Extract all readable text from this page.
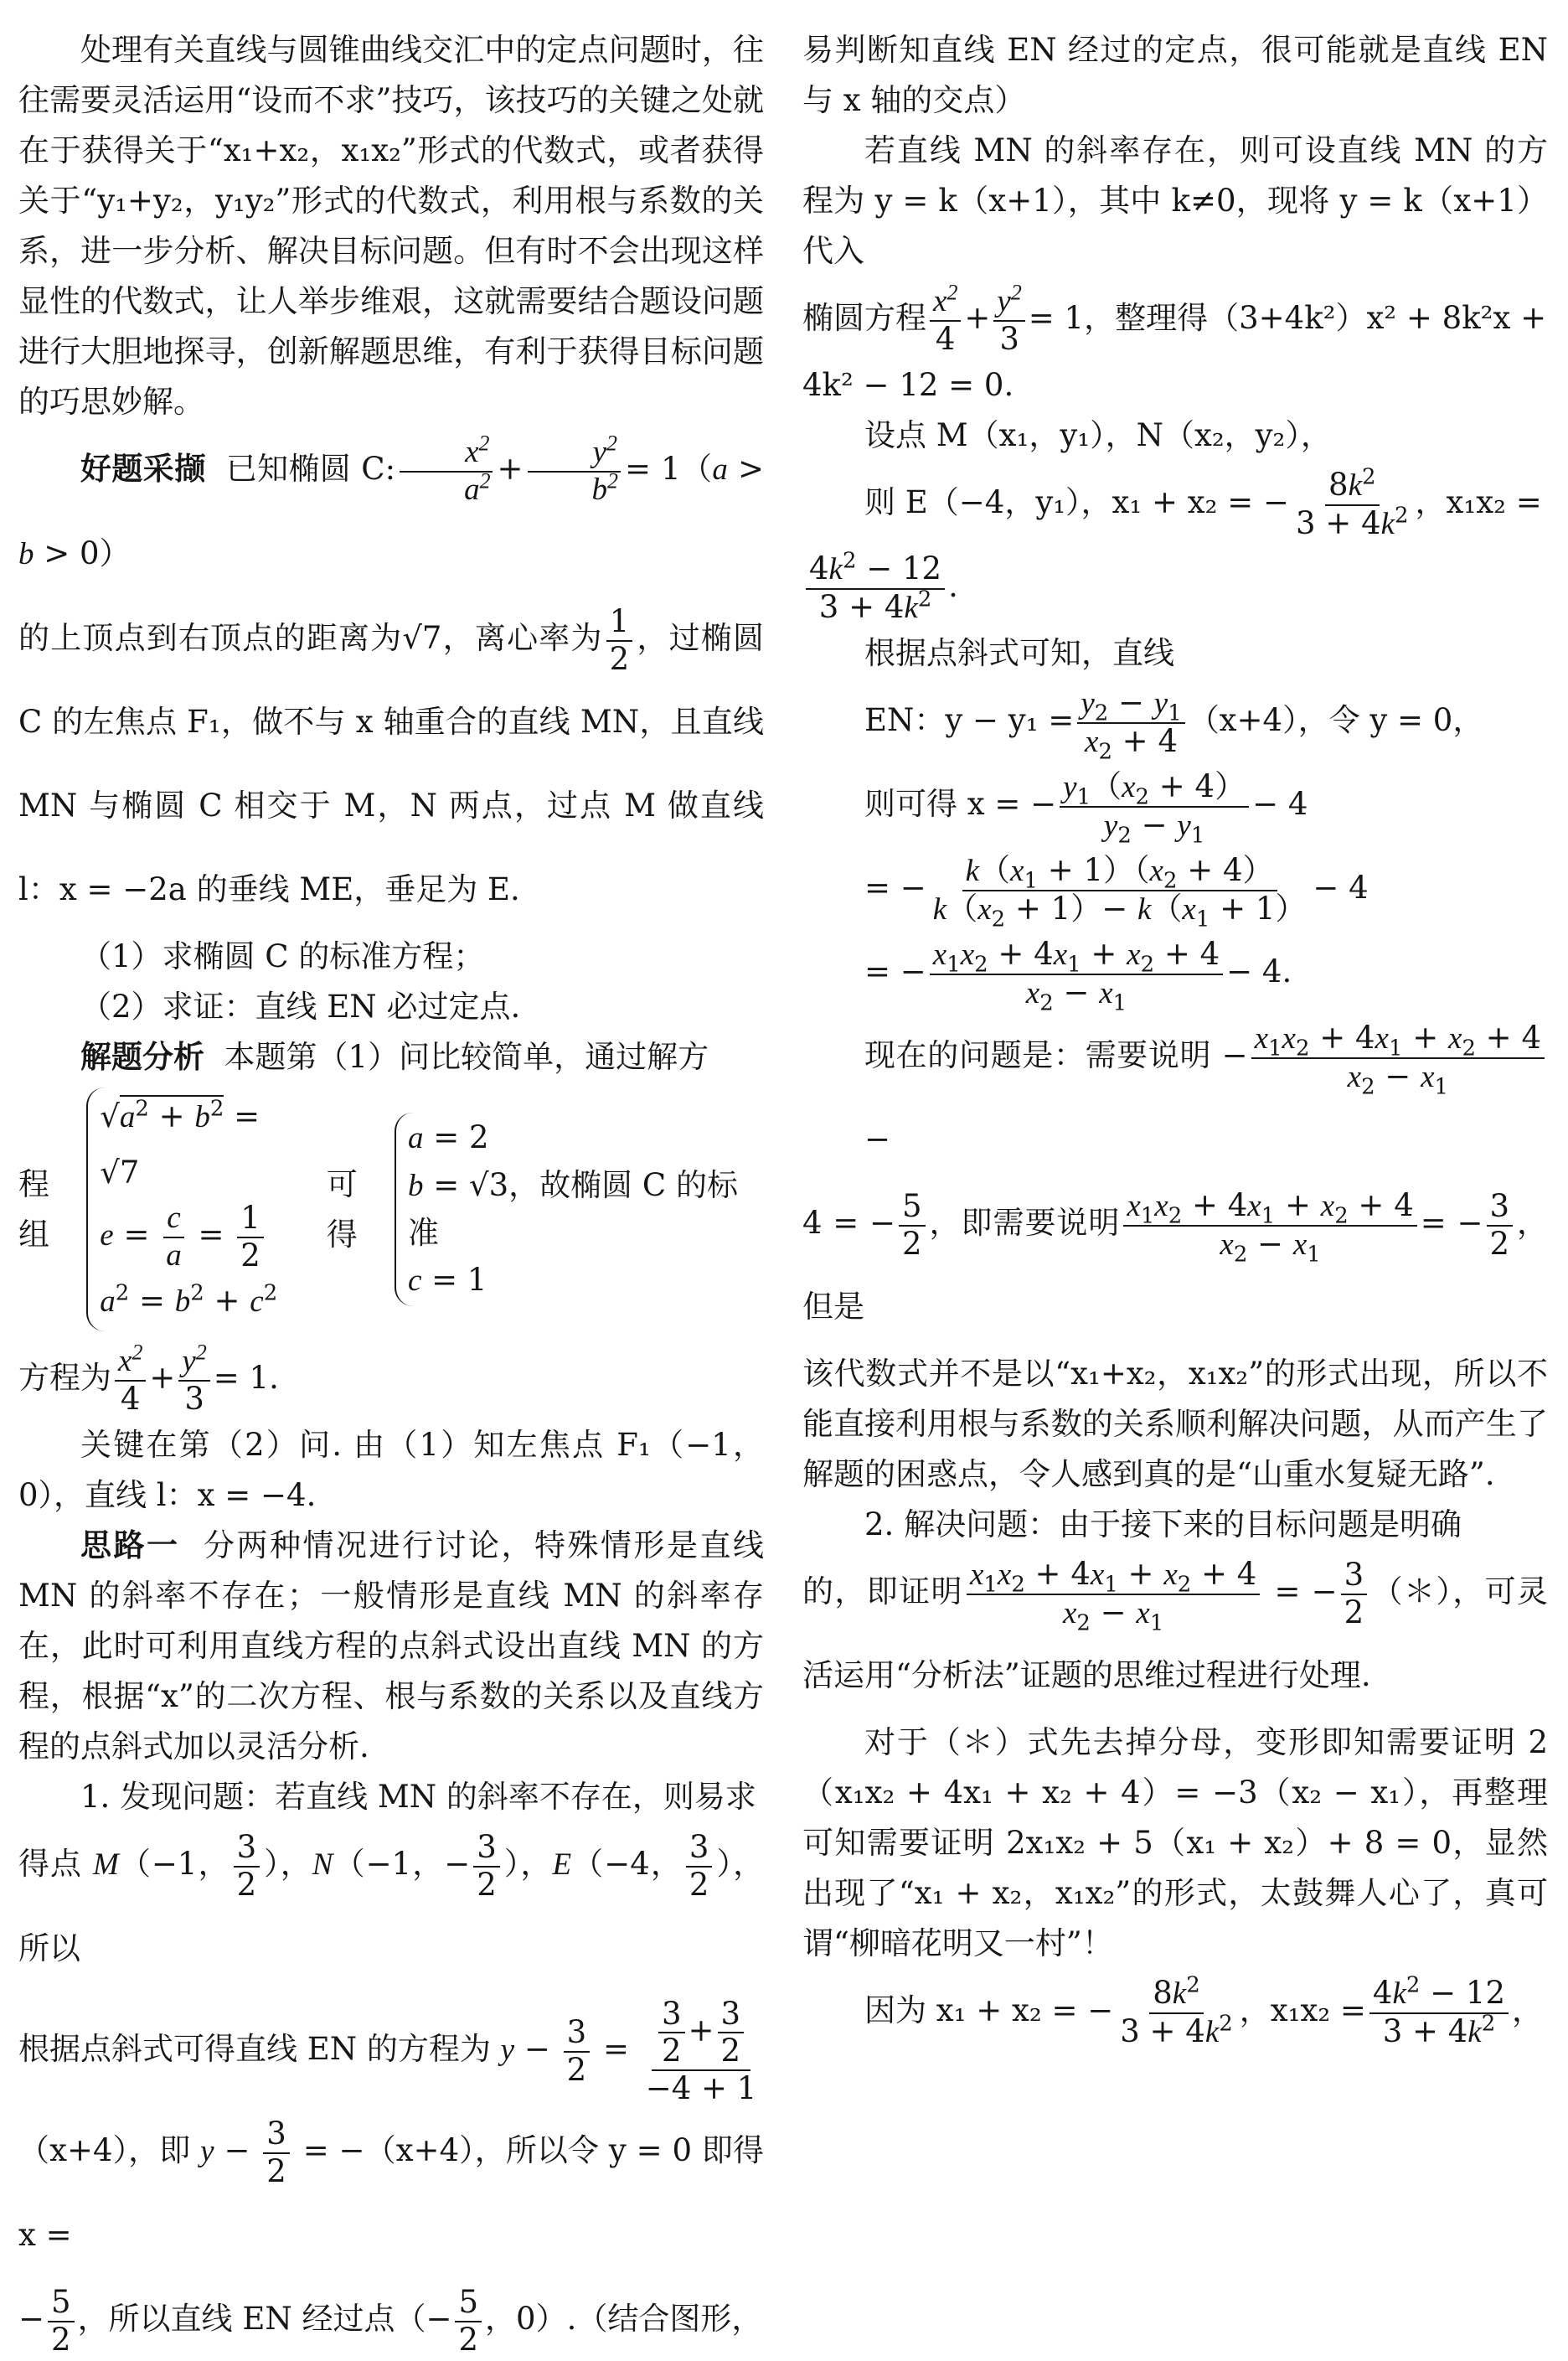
处理有关直线与圆锥曲线交汇中的定点问题时，往往需要灵活运用“设而不求”技巧，该技巧的关键之处就在于获得关于“x₁+x₂，x₁x₂”形式的代数式，或者获得关于“y₁+y₂，y₁y₂”形式的代数式，利用根与系数的关系，进一步分析、解决目标问题。但有时不会出现这样显性的代数式，让人举步维艰，这就需要结合题设问题进行大胆地探寻，创新解题思维，有利于获得目标问题的巧思妙解。

好题采撷 已知椭圆 C: $\frac{x^2}{a^2} + \frac{y^2}{b^2} = 1(a > b > 0)$

的上顶点到右顶点的距离为√7，离心率为 $\frac{1}{2}$ ，过椭圆 C 的左焦点 F₁，做不与 x 轴重合的直线 MN，且直线 MN 与椭圆 C 相交于 M，N 两点，过点 M 做直线 l：x = −2a 的垂线 ME，垂足为 E.

（1）求椭圆 C 的标准方程；

（2）求证：直线 EN 必过定点.

解题分析 本题第（1）问比较简单，通过解方

程组
$√a^2 + b^2 = √7$
$e = \frac{c}{a} = \frac{1}{2}$
$a^2 = b^2 + c^2$
可得
a = 2
b = √3，故椭圆 C 的标准
c = 1

方程为 $\frac{x^2}{4} + \frac{y^2}{3} = 1$.

关键在第（2）问. 由（1）知左焦点 F₁（−1，0），直线 l：x = −4.

思路一 分两种情况进行讨论，特殊情形是直线 MN 的斜率不存在；一般情形是直线 MN 的斜率存在，此时可利用直线方程的点斜式设出直线 MN 的方程，根据“x”的二次方程、根与系数的关系以及直线方程的点斜式加以灵活分析.

1. 发现问题：若直线 MN 的斜率不存在，则易求

得点 M（−1， $\frac{3}{2}$ ），N（−1，− $\frac{3}{2}$ ），E（−4， $\frac{3}{2}$ ），所以

根据点斜式可得直线 EN 的方程为 $y - \frac{3}{2} = \frac{\frac{3}{2} + \frac{3}{2}}{-4 + 1}$

（x+4），即 $y - \frac{3}{2} = -(x+4)$，所以令 y = 0 即得 x =

− $\frac{5}{2}$ ，所以直线 EN 经过点（− $\frac{5}{2}$ ，0）.（结合图形，

易判断知直线 EN 经过的定点，很可能就是直线 EN 与 x 轴的交点）

若直线 MN 的斜率存在，则可设直线 MN 的方程为 y = k（x+1），其中 k≠0，现将 y = k（x+1）代入

椭圆方程 $\frac{x^2}{4} + \frac{y^2}{3} = 1$，整理得（3+4k²）x² + 8k²x +

4k² − 12 = 0.

设点 M（x₁，y₁），N（x₂，y₂），

则 E（−4，y₁），x₁ + x₂ = − $\frac{8k^2}{3 + 4k^2}$ ，x₁x₂ =

$\frac{4k^2 - 12}{3 + 4k^2}$ .

根据点斜式可知，直线

EN：$y - y_1 = \frac{y_2 - y_1}{x_2 + 4} (x+4)$，令 y = 0，

则可得 x = − $\frac{y_1(x_2 + 4)}{y_2 - y_1} - 4$

= − $\frac{k(x_1 + 1)(x_2 + 4)}{k(x_2 + 1)- k(x_1 + 1)} - 4$

= − $\frac{x_1x_2 + 4x_1 + x_2 + 4}{x_2 - x_1} - 4$.

现在的问题是：需要说明 − $\frac{x_1x_2 + 4x_1 + x_2 + 4}{x_2 - x_1}$
−

4 = − $\frac{5}{2}$ ，即需要说明 $\frac{x_1x_2 + 4x_1 + x_2 + 4}{x_2 - x_1}$ = − $\frac{3}{2}$ ，但是

该代数式并不是以“x₁+x₂，x₁x₂”的形式出现，所以不能直接利用根与系数的关系顺利解决问题，从而产生了解题的困惑点，令人感到真的是“山重水复疑无路”.

2. 解决问题：由于接下来的目标问题是明确

的，即证明 $\frac{x_1x_2 + 4x_1 + x_2 + 4}{x_2 - x_1}$ = − $\frac{3}{2}$ （＊），可灵活运用“分析法”证题的思维过程进行处理.

对于（＊）式先去掉分母，变形即知需要证明 2（x₁x₂ + 4x₁ + x₂ + 4）= −3（x₂ − x₁），再整理可知需要证明 2x₁x₂ + 5（x₁ + x₂）+ 8 = 0，显然出现了“x₁ + x₂，x₁x₂”的形式，太鼓舞人心了，真可谓“柳暗花明又一村”！

因为 x₁ + x₂ = − $\frac{8k^2}{3 + 4k^2}$ ，$x_1x_2 = \frac{4k^2 - 12}{3 + 4k^2}$ ，
